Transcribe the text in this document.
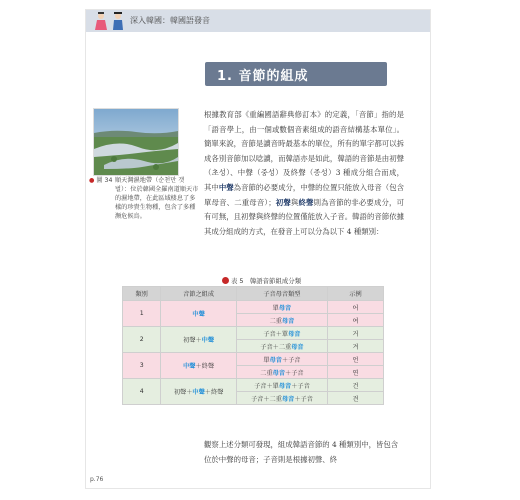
深入韓國：韓國語發音
1. 音節的組成
● 圖 34 順天灣濕地帶（순천만 갯벌）：位於韓國全羅南道順天市的濕地帶，在此區域棲息了多樣的珍貴生物種，包含了多種瀕危候鳥。

根據教育部《重編國語辭典修訂本》的定義，「音節」指的是「語音學上，由一個或數個音素組成的語音結構基本單位」。簡單來說，音節是讀音時最基本的單位，所有的單字都可以拆成各別音節加以唸讀，而韓語亦是如此，韓語的音節是由初聲（초성）、中聲（중성）及終聲（종성）3 種成分組合而成，其中中聲為音節的必要成分，中聲的位置只能放入母音（包含單母音、二重母音）；初聲與終聲則為音節的非必要成分，可有可無，且初聲與終聲的位置僅能放入子音。韓語的音節依據其成分組成的方式，在發音上可以分為以下 4 種類別：

表 5　韓語音節組成分類
類別	音節之組成	子音母音類型	示例
1	中聲	單母音	어
		二重母音	여
2	初聲＋中聲	子音＋單母音	거
		子音＋二重母音	겨
3	中聲＋終聲	單母音＋子音	언
		二重母音＋子音	연
4	初聲＋中聲＋終聲	子音＋單母音＋子音	건
		子音＋二重母音＋子音	견

觀察上述分類可發現，組成韓語音節的 4 種類別中，皆包含位於中聲的母音；子音則是根據初聲、終

p.76
